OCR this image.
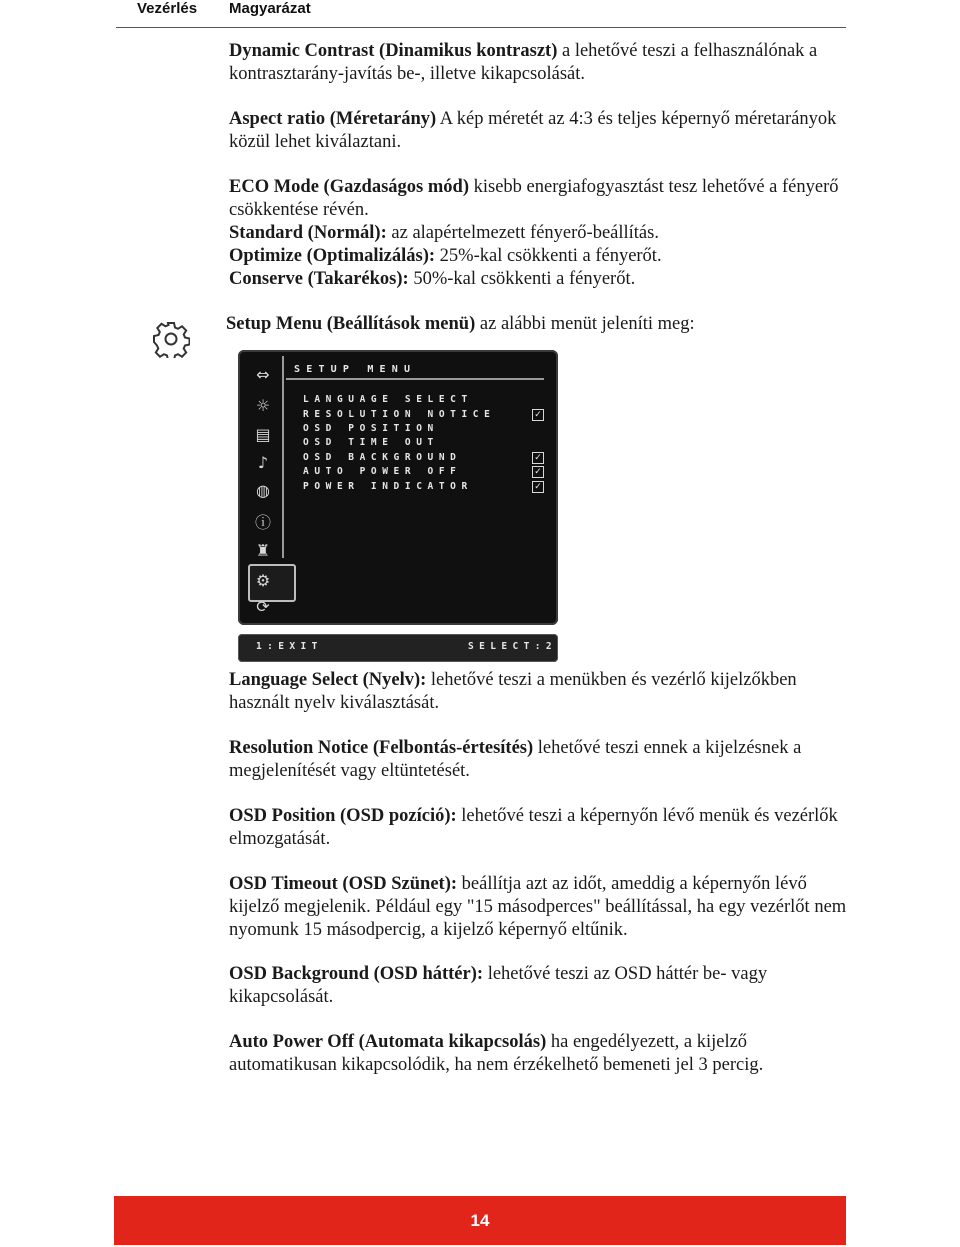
Vezérlés Magyarázat

Dynamic Contrast (Dinamikus kontraszt) a lehetővé teszi a felhasználónak a kontrasztarány-javítás be-, illetve kikapcsolását.

Aspect ratio (Méretarány) A kép méretét az 4:3 és teljes képernyő méretarányok közül lehet kiválaztani.

ECO Mode (Gazdaságos mód) kisebb energiafogyasztást tesz lehetővé a fényerő csökkentése révén.

Standard (Normál): az alapértelmezett fényerő-beállítás.

Optimize (Optimalizálás): 25%-kal csökkenti a fényerőt.

Conserve (Takarékos): 50%-kal csökkenti a fényerőt.

Setup Menu (Beállítások menü) az alábbi menüt jeleníti meg:

⇔
☼
▤
♪
◍
ⓘ
♜
⚙
⟳
SETUP MENU
LANGUAGE SELECT
RESOLUTION NOTICE	✓
OSD POSITION
OSD TIME OUT
OSD BACKGROUND	✓
AUTO POWER OFF	✓
POWER INDICATOR	✓
1:EXIT	SELECT:2

Language Select (Nyelv): lehetővé teszi a menükben és vezérlő kijelzőkben használt nyelv kiválasztását.

Resolution Notice (Felbontás-értesítés) lehetővé teszi ennek a kijelzésnek a megjelenítését vagy eltüntetését.

OSD Position (OSD pozíció): lehetővé teszi a képernyőn lévő menük és vezérlők elmozgatását.

OSD Timeout (OSD Szünet): beállítja azt az időt, ameddig a képernyőn lévő kijelző megjelenik. Például egy "15 másodperces" beállítással, ha egy vezérlőt nem nyomunk 15 másodpercig, a kijelző képernyő eltűnik.

OSD Background (OSD háttér): lehetővé teszi az OSD háttér be- vagy kikapcsolását.

Auto Power Off (Automata kikapcsolás) ha engedélyezett, a kijelző automatikusan kikapcsolódik, ha nem érzékelhető bemeneti jel 3 percig.

14
